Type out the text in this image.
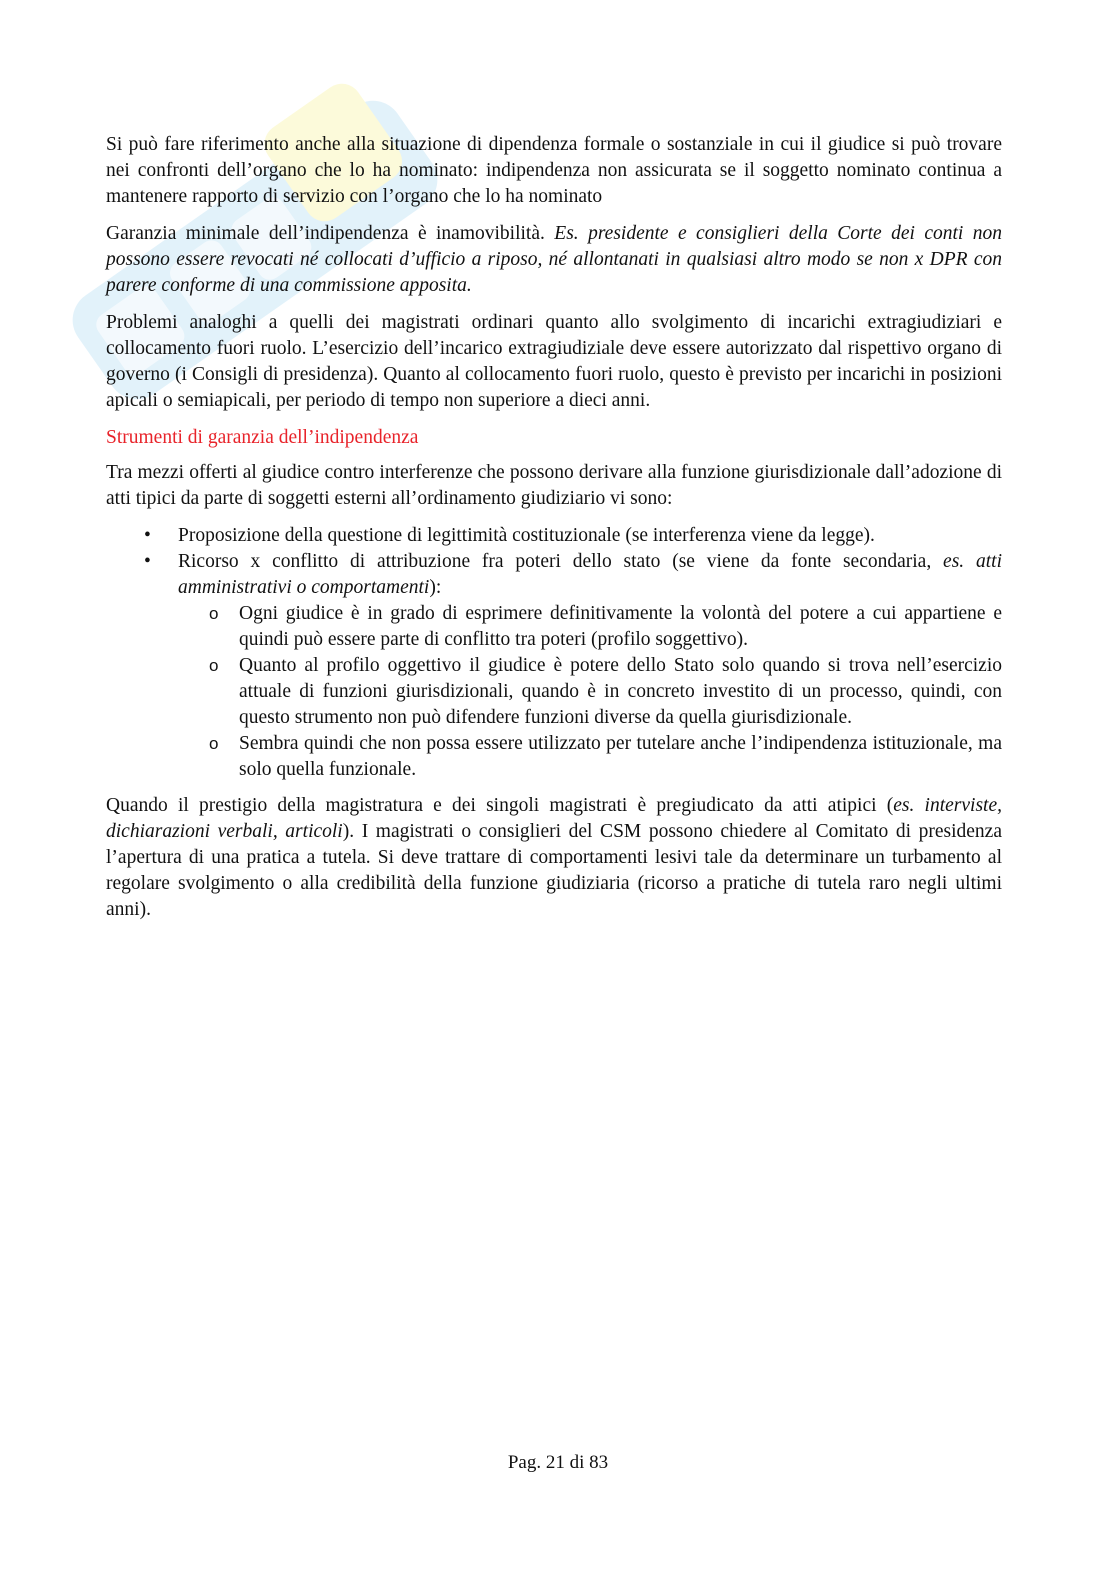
Si può fare riferimento anche alla situazione di dipendenza formale o sostanziale in cui il giudice si può trovare nei confronti dell’organo che lo ha nominato: indipendenza non assicurata se il soggetto nominato continua a mantenere rapporto di servizio con l’organo che lo ha nominato

Garanzia minimale dell’indipendenza è inamovibilità. Es. presidente e consiglieri della Corte dei conti non possono essere revocati né collocati d’ufficio a riposo, né allontanati in qualsiasi altro modo se non x DPR con parere conforme di una commissione apposita.

Problemi analoghi a quelli dei magistrati ordinari quanto allo svolgimento di incarichi extragiudiziari e collocamento fuori ruolo. L’esercizio dell’incarico extragiudiziale deve essere autorizzato dal rispettivo organo di governo (i Consigli di presidenza). Quanto al collocamento fuori ruolo, questo è previsto per incarichi in posizioni apicali o semiapicali, per periodo di tempo non superiore a dieci anni.

Strumenti di garanzia dell’indipendenza

Tra mezzi offerti al giudice contro interferenze che possono derivare alla funzione giurisdizionale dall’adozione di atti tipici da parte di soggetti esterni all’ordinamento giudiziario vi sono:

• Proposizione della questione di legittimità costituzionale (se interferenza viene da legge).
• Ricorso x conflitto di attribuzione fra poteri dello stato (se viene da fonte secondaria, es. atti amministrativi o comportamenti):
o Ogni giudice è in grado di esprimere definitivamente la volontà del potere a cui appartiene e quindi può essere parte di conflitto tra poteri (profilo soggettivo).
o Quanto al profilo oggettivo il giudice è potere dello Stato solo quando si trova nell’esercizio attuale di funzioni giurisdizionali, quando è in concreto investito di un processo, quindi, con questo strumento non può difendere funzioni diverse da quella giurisdizionale.
o Sembra quindi che non possa essere utilizzato per tutelare anche l’indipendenza istituzionale, ma solo quella funzionale.

Quando il prestigio della magistratura e dei singoli magistrati è pregiudicato da atti atipici (es. interviste, dichiarazioni verbali, articoli). I magistrati o consiglieri del CSM possono chiedere al Comitato di presidenza l’apertura di una pratica a tutela. Si deve trattare di comportamenti lesivi tale da determinare un turbamento al regolare svolgimento o alla credibilità della funzione giudiziaria (ricorso a pratiche di tutela raro negli ultimi anni).

Pag. 21 di 83
